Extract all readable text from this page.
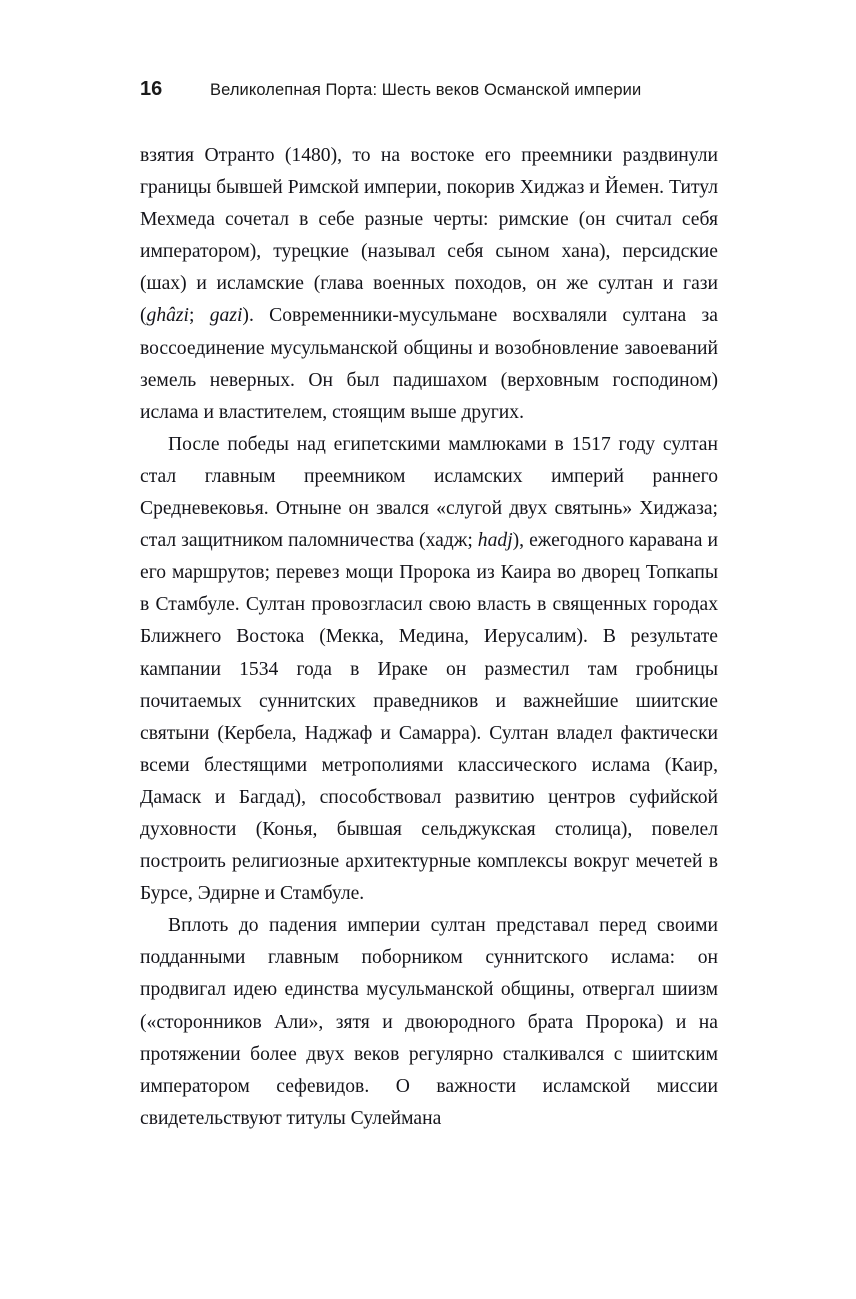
16	Великолепная Порта: Шесть веков Османской империи

взятия Отранто (1480), то на востоке его преемники раздвинули границы бывшей Римской империи, покорив Хиджаз и Йемен. Титул Мехмеда сочетал в себе разные черты: римские (он считал себя императором), турецкие (называл себя сыном хана), персидские (шах) и исламские (глава военных походов, он же султан и гази (ghâzi; gazi). Современники-мусульмане восхваляли султана за воссоединение мусульманской общины и возобновление завоеваний земель неверных. Он был падишахом (верховным господином) ислама и властителем, стоящим выше других.

После победы над египетскими мамлюками в 1517 году султан стал главным преемником исламских империй раннего Средневековья. Отныне он звался «слугой двух святынь» Хиджаза; стал защитником паломничества (хадж; hadj), ежегодного каравана и его маршрутов; перевез мощи Пророка из Каира во дворец Топкапы в Стамбуле. Султан провозгласил свою власть в священных городах Ближнего Востока (Мекка, Медина, Иерусалим). В результате кампании 1534 года в Ираке он разместил там гробницы почитаемых суннитских праведников и важнейшие шиитские святыни (Кербела, Наджаф и Самарра). Султан владел фактически всеми блестящими метрополиями классического ислама (Каир, Дамаск и Багдад), способствовал развитию центров суфийской духовности (Конья, бывшая сельджукская столица), повелел построить религиозные архитектурные комплексы вокруг мечетей в Бурсе, Эдирне и Стамбуле.

Вплоть до падения империи султан представал перед своими подданными главным поборником суннитского ислама: он продвигал идею единства мусульманской общины, отвергал шиизм («сторонников Али», зятя и двоюродного брата Пророка) и на протяжении более двух веков регулярно сталкивался с шиитским императором сефевидов. О важности исламской миссии свидетельствуют титулы Сулеймана
